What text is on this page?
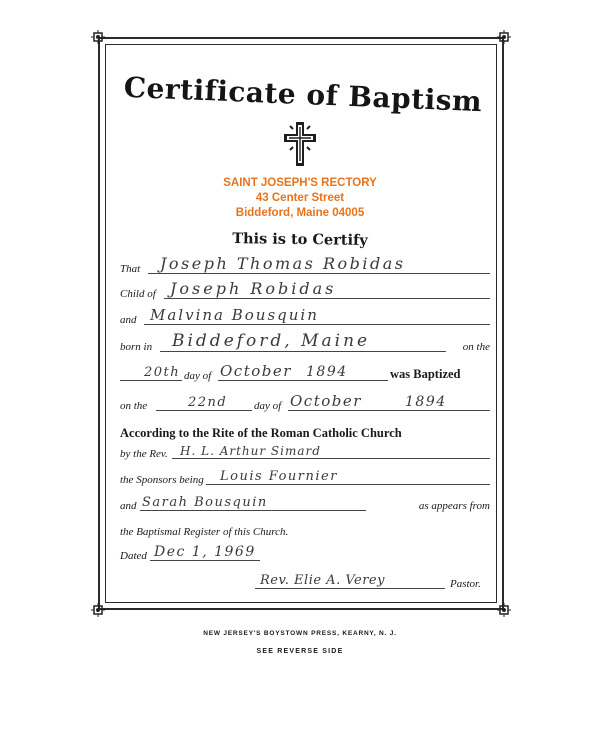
Certificate of Baptism
SAINT JOSEPH'S RECTORY
43 Center Street
Biddeford, Maine 04005
This is to Certify
That Joseph Thomas Robidas
Child of Joseph Robidas
and Malvina Bousquin
born in Biddeford, Maine	on the
20th day of October 1894	was Baptized
on the	22nd day of October	1894
According to the Rite of the Roman Catholic Church
by the Rev. H. L. Arthur Simard
the Sponsors being Louis Fournier
and Sarah Bousquin	as appears from
the Baptismal Register of this Church.
Dated Dec 1, 1969
Rev. Elie A. Verey	Pastor.
NEW JERSEY'S BOYSTOWN PRESS, KEARNY, N. J.
SEE REVERSE SIDE
